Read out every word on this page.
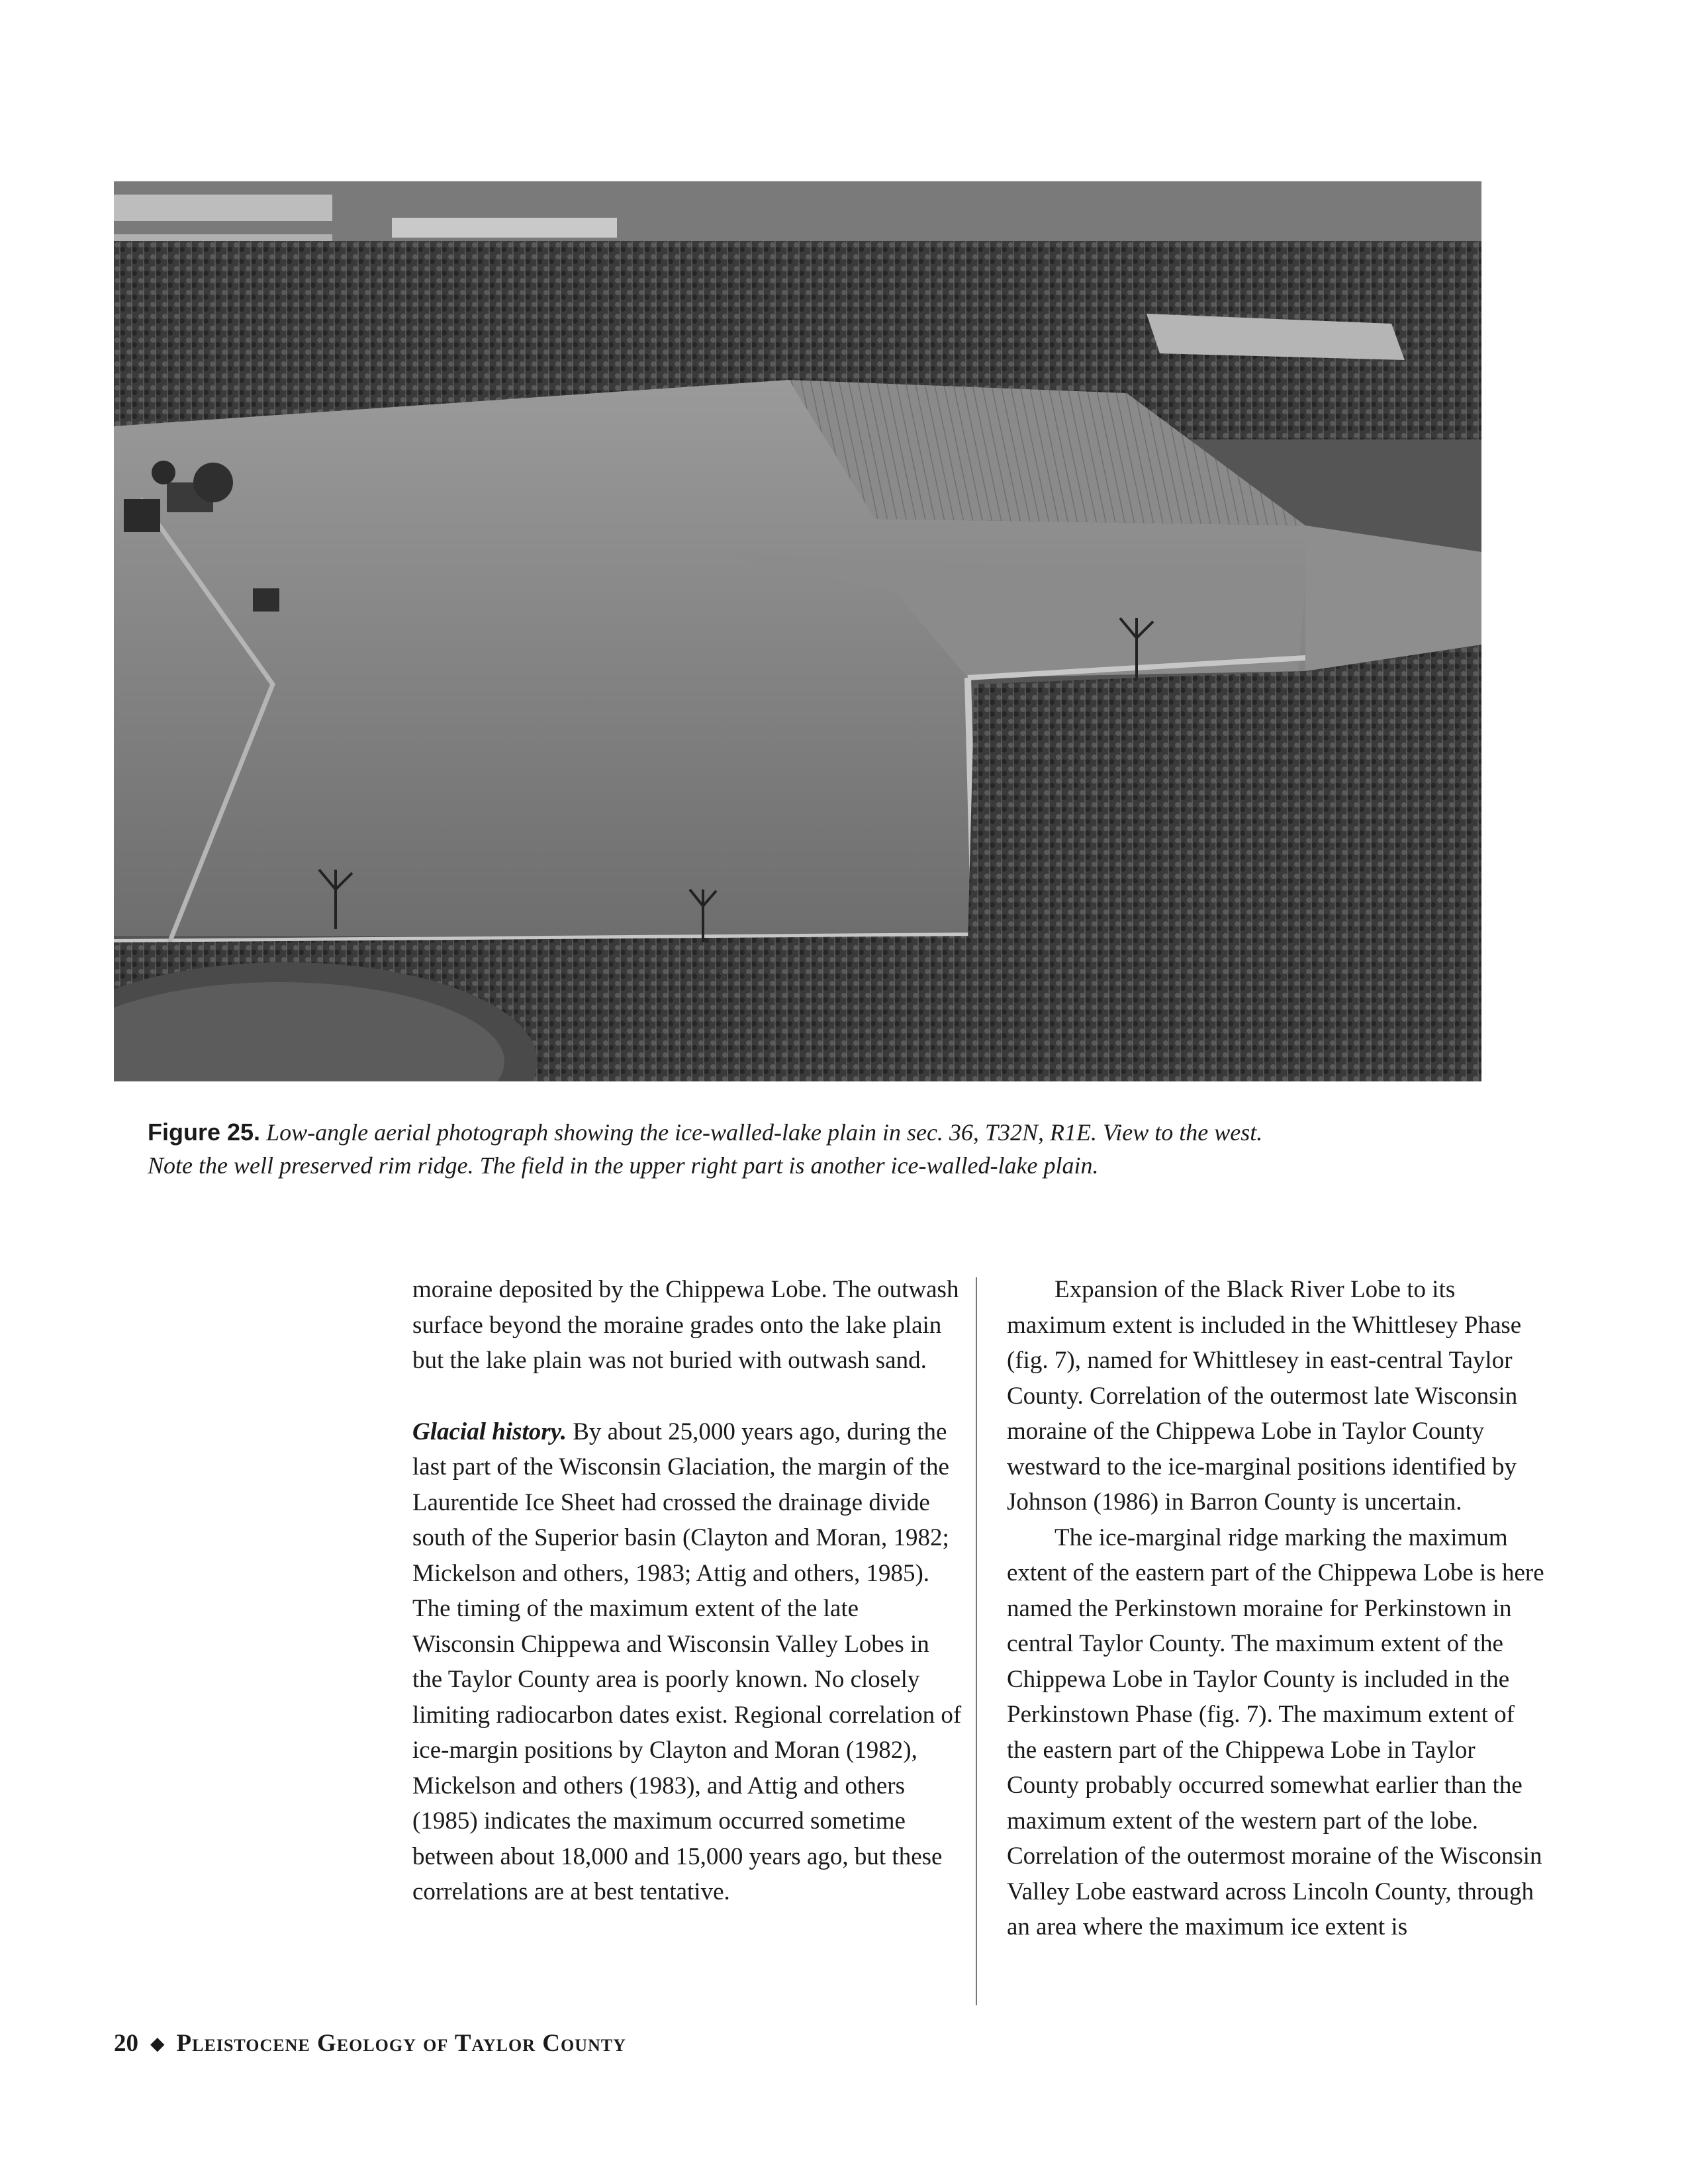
Figure 25. Low-angle aerial photograph showing the ice-walled-lake plain in sec. 36, T32N, R1E. View to the west. Note the well preserved rim ridge. The field in the upper right part is another ice-walled-lake plain.

moraine deposited by the Chippewa Lobe. The outwash surface beyond the moraine grades onto the lake plain but the lake plain was not buried with outwash sand.

Glacial history. By about 25,000 years ago, during the last part of the Wisconsin Glaciation, the margin of the Laurentide Ice Sheet had crossed the drainage divide south of the Superior basin (Clayton and Moran, 1982; Mickelson and others, 1983; Attig and others, 1985). The timing of the maximum extent of the late Wisconsin Chippewa and Wisconsin Valley Lobes in the Taylor County area is poorly known. No closely limiting radiocarbon dates exist. Regional correlation of ice-margin positions by Clayton and Moran (1982), Mickelson and others (1983), and Attig and others (1985) indicates the maximum occurred sometime between about 18,000 and 15,000 years ago, but these correlations are at best tentative.

Expansion of the Black River Lobe to its maximum extent is included in the Whittlesey Phase (fig. 7), named for Whittlesey in east-central Taylor County. Correlation of the outermost late Wisconsin moraine of the Chippewa Lobe in Taylor County westward to the ice-marginal positions identified by Johnson (1986) in Barron County is uncertain.

The ice-marginal ridge marking the maximum extent of the eastern part of the Chippewa Lobe is here named the Perkinstown moraine for Perkinstown in central Taylor County. The maximum extent of the Chippewa Lobe in Taylor County is included in the Perkinstown Phase (fig. 7). The maximum extent of the eastern part of the Chippewa Lobe in Taylor County probably occurred somewhat earlier than the maximum extent of the western part of the lobe. Correlation of the outermost moraine of the Wisconsin Valley Lobe eastward across Lincoln County, through an area where the maximum ice extent is

20 ◆ Pleistocene Geology of Taylor County
